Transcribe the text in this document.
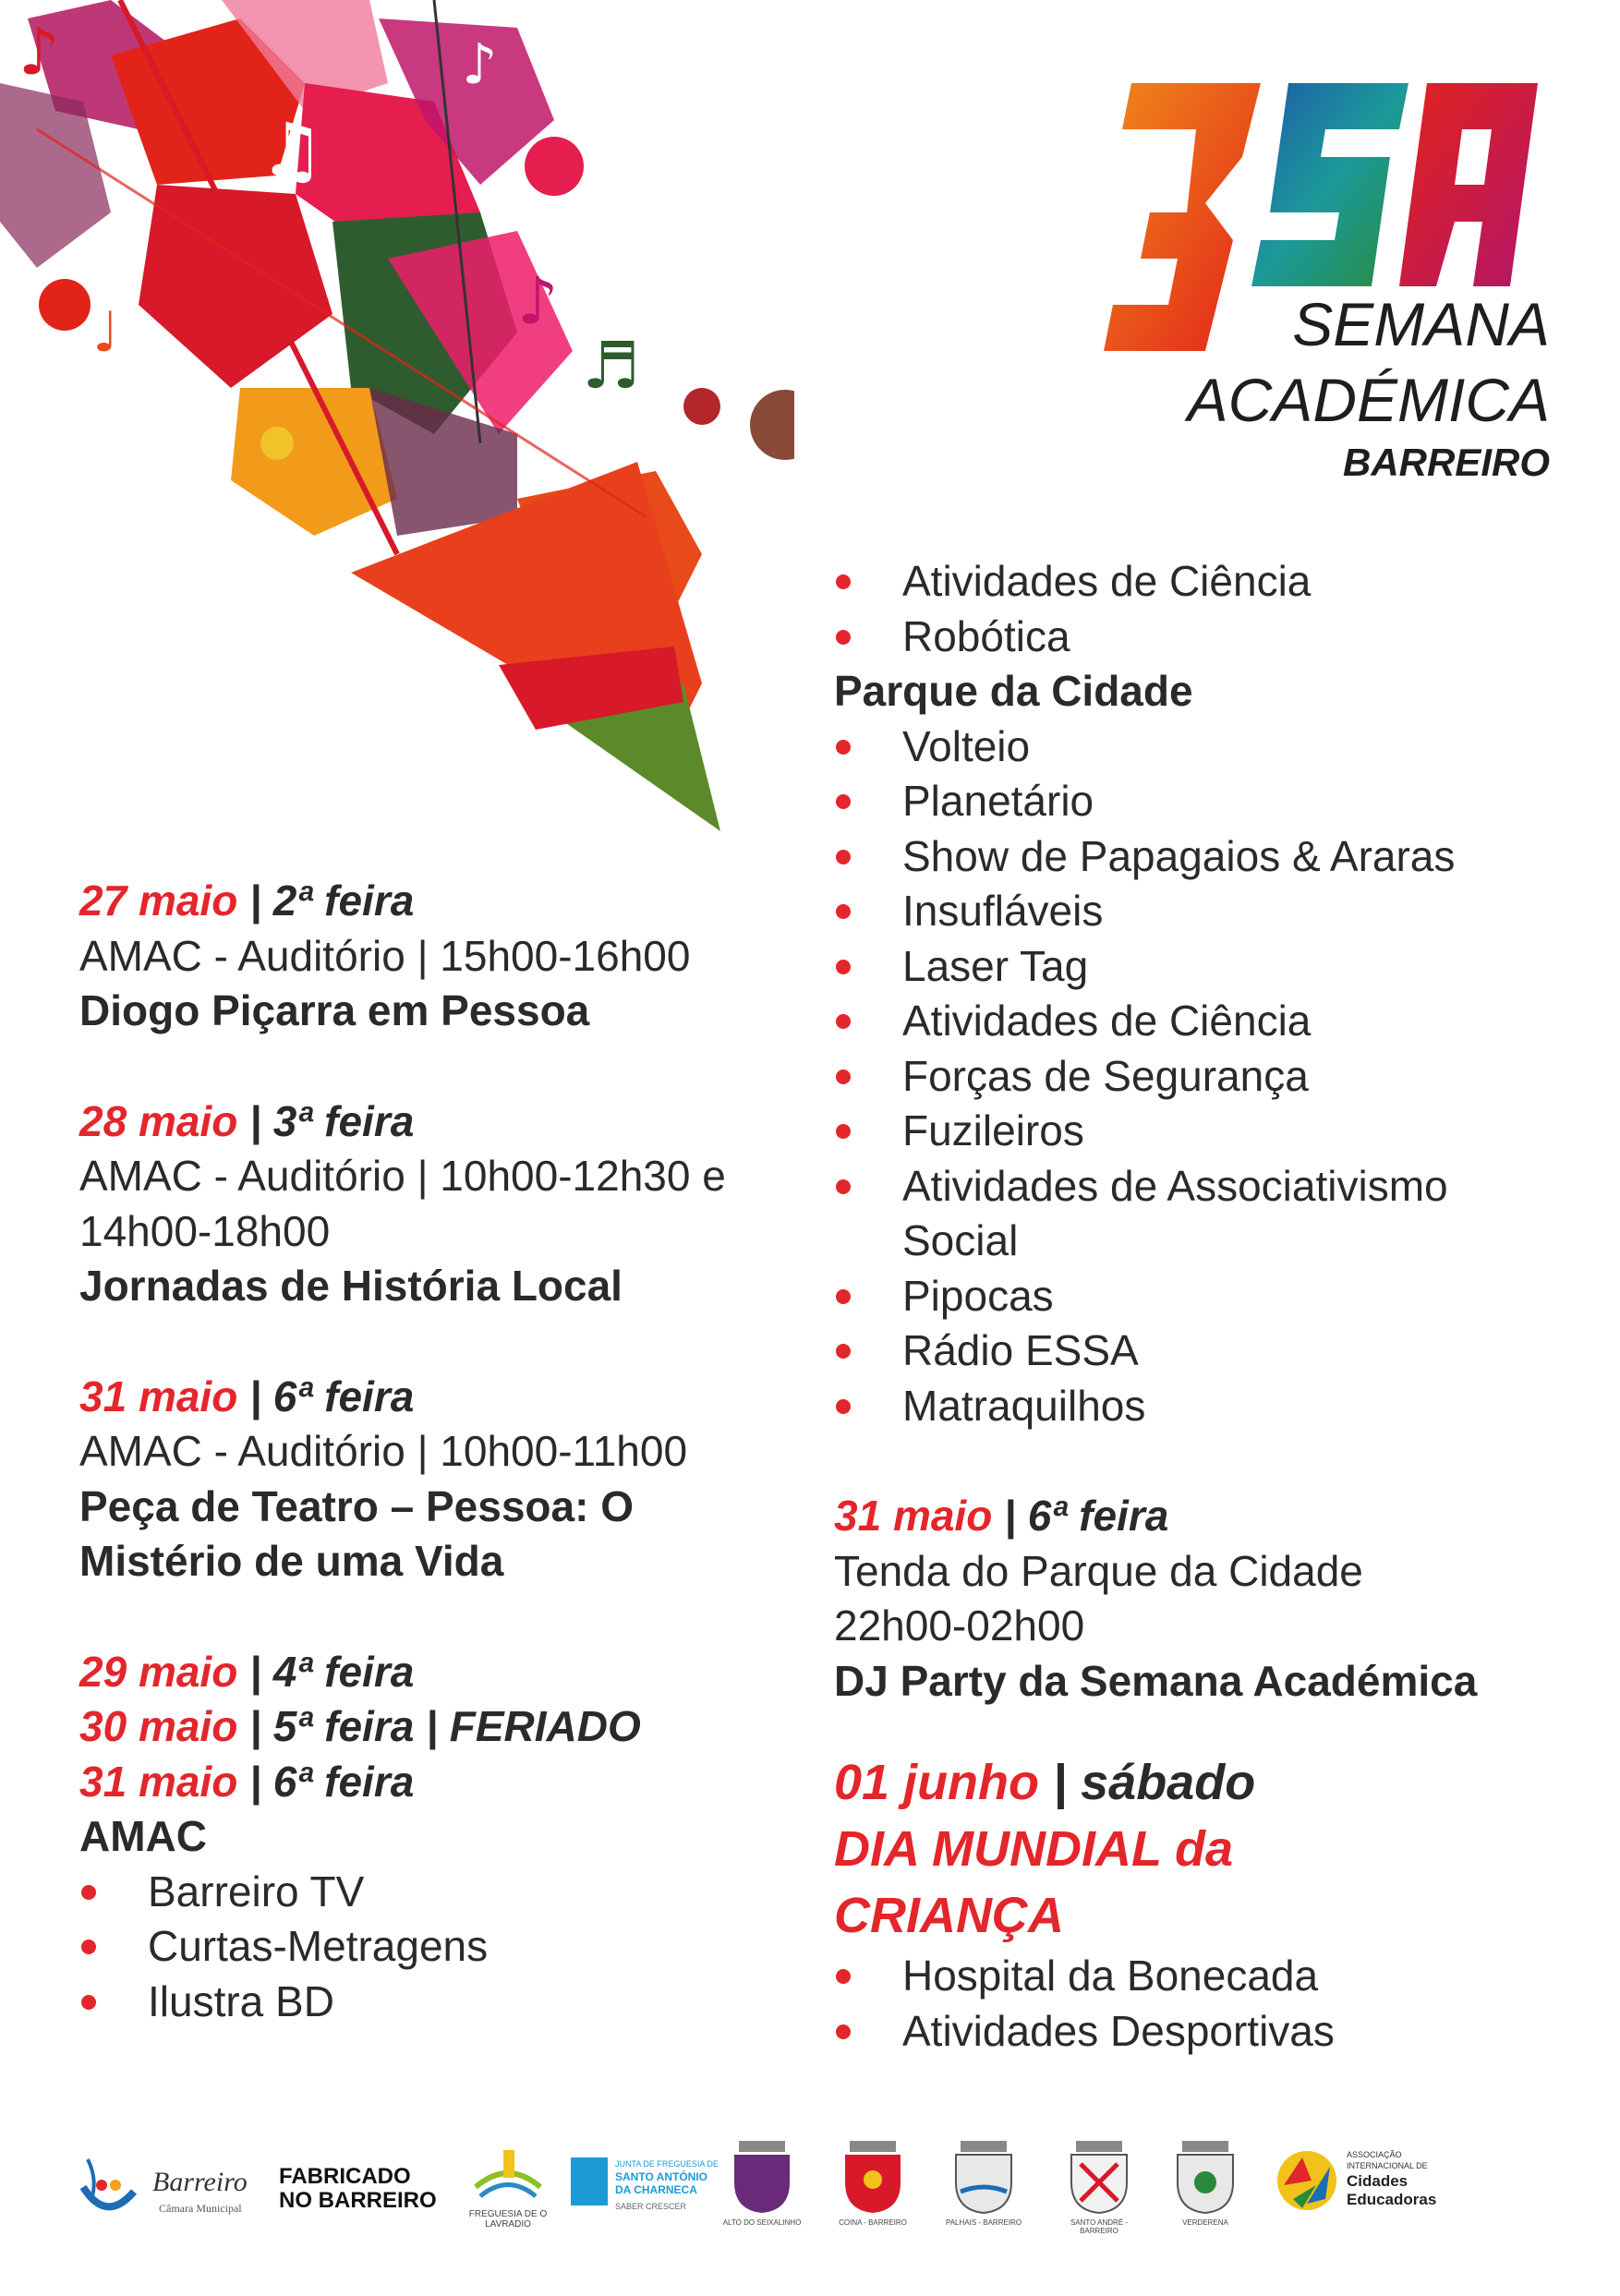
♪
♫
♪
♩	♬
♪
SEMANA
ACADÉMICA
BARREIRO
27 maio | 2ª feira
AMAC - Auditório | 15h00-16h00
Diogo Piçarra em Pessoa
28 maio | 3ª feira
AMAC - Auditório | 10h00-12h30 e
14h00-18h00
Jornadas de História Local
31 maio | 6ª feira
AMAC - Auditório | 10h00-11h00
Peça de Teatro – Pessoa: O
Mistério de uma Vida
29 maio | 4ª feira
30 maio | 5ª feira | FERIADO
31 maio | 6ª feira
AMAC
Barreiro TV
Curtas-Metragens
Ilustra BD
Atividades de Ciência
Robótica
Parque da Cidade
Volteio
Planetário
Show de Papagaios & Araras
Insufláveis
Laser Tag
Atividades de Ciência
Forças de Segurança
Fuzileiros
Atividades de Associativismo
Social
Pipocas
Rádio ESSA
Matraquilhos
31 maio | 6ª feira
Tenda do Parque da Cidade
22h00-02h00
DJ Party da Semana Académica
01 junho | sábado
DIA MUNDIAL da
CRIANÇA
Hospital da Bonecada
Atividades Desportivas
Barreiro
Câmara Municipal
FABRICADO
NO BARREIRO
FREGUESIA DE O LAVRADIO
JUNTA DE FREGUESIA DE
SANTO ANTÓNIO
DA CHARNECA
SABER CRESCER
ALTO DO SEIXALINHO	COINA - BARREIRO	PALHAIS - BARREIRO	SANTO ANDRÉ - BARREIRO
VERDERENA
ASSOCIAÇÃO
INTERNACIONAL DE
Cidades
Educadoras
